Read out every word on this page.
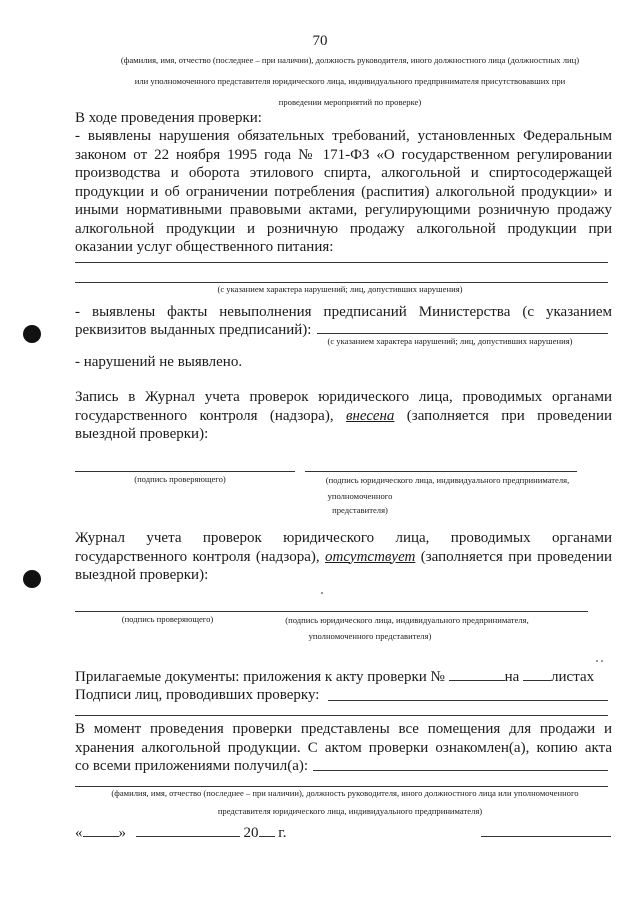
70
(фамилия, имя, отчество (последнее – при наличии), должность руководителя, иного должностного лица (должностных лиц)
или уполномоченного представителя юридического лица, индивидуального предпринимателя присутствовавших при
проведении мероприятий по проверке)
В ходе проведения проверки:
- выявлены нарушения обязательных требований, установленных Федеральным законом от 22 ноября 1995 года № 171-ФЗ «О государственном регулировании производства и оборота этилового спирта, алкогольной и спиртосодержащей продукции и об ограничении потребления (распития) алкогольной продукции» и иными нормативными правовыми актами, регулирующими розничную продажу алкогольной продукции и розничную продажу алкогольной продукции при оказании услуг общественного питания:
(с указанием характера нарушений; лиц, допустивших нарушения)
- выявлены факты невыполнения предписаний Министерства (с указанием
реквизитов выданных предписаний):
(с указанием характера нарушений; лиц, допустивших нарушения)
- нарушений не выявлено.
Запись в Журнал учета проверок юридического лица, проводимых органами государственного контроля (надзора), внесена (заполняется при проведении выездной проверки):
(подпись проверяющего)	(подпись юридического лица, индивидуального предпринимателя,
уполномоченного представителя)
Журнал учета проверок юридического лица, проводимых органами государственного контроля (надзора), отсутствует (заполняется при проведении выездной проверки):
(подпись проверяющего)	(подпись юридического лица, индивидуального предпринимателя,
уполномоченного представителя)
Прилагаемые документы: приложения к акту проверки №	на листах
Подписи лиц, проводивших проверку:
В момент проведения проверки представлены все помещения для продажи и хранения алкогольной продукции. С актом проверки ознакомлен(а), копию акта
со всеми приложениями получил(а):
(фамилия, имя, отчество (последнее – при наличии), должность руководителя, иного должностного лица или уполномоченного
представителя юридического лица, индивидуального предпринимателя)
« »	20 г.
